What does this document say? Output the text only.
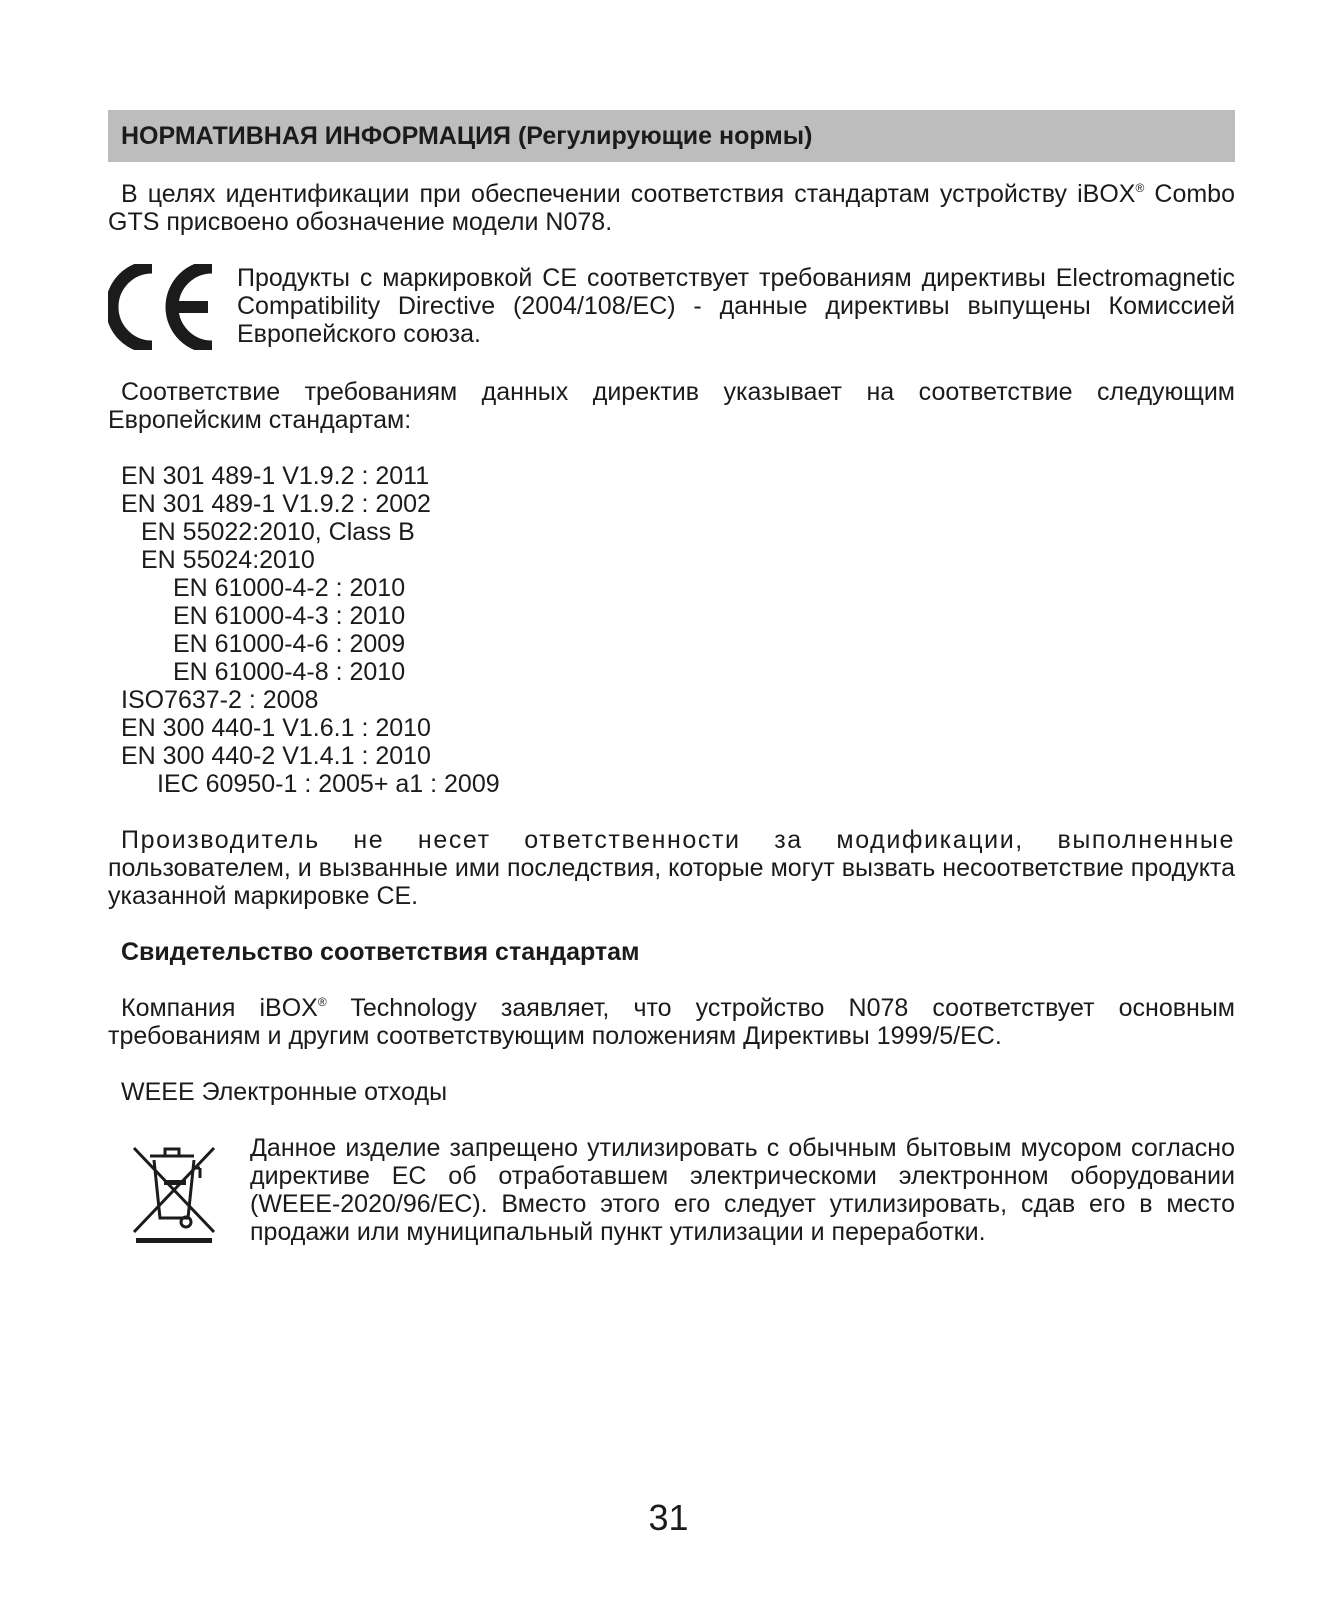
НОРМАТИВНАЯ ИНФОРМАЦИЯ (Регулирующие нормы)
В целях идентификации при обеспечении соответствия стандартам устройству iBOX® Combo GTS присвоено обозначение модели N078.
Продукты с маркировкой CE соответствует требованиям директивы Electromagnetic Compatibility Directive (2004/108/EC) - данные директивы выпущены Комиссией Европейского союза.
Соответствие требованиям данных директив указывает на соответствие следующим Европейским стандартам:
EN 301 489-1 V1.9.2 : 2011
EN 301 489-1 V1.9.2 : 2002
EN 55022:2010, Class B
EN 55024:2010
EN 61000-4-2 : 2010
EN 61000-4-3 : 2010
EN 61000-4-6 : 2009
EN 61000-4-8 : 2010
ISO7637-2 : 2008
EN 300 440-1 V1.6.1 : 2010
EN 300 440-2 V1.4.1 : 2010
IEC 60950-1 : 2005+ a1 : 2009
Производитель не несет ответственности за модификации, выполненные
пользователем, и вызванные ими последствия, которые могут вызвать несоответствие продукта указанной маркировке CE.
Свидетельство соответствия стандартам
Компания iBOX® Technology заявляет, что устройство N078 соответствует основным требованиям и другим соответствующим положениям Директивы 1999/5/EC.
WEEE Электронные отходы
Данное изделие запрещено утилизировать с обычным бытовым мусором согласно директиве ЕС об отработавшем электрическоми электронном оборудовании (WEEE-2020/96/EC). Вместо этого его следует утилизировать, сдав его в место продажи или муниципальный пункт утилизации и переработки.
31
